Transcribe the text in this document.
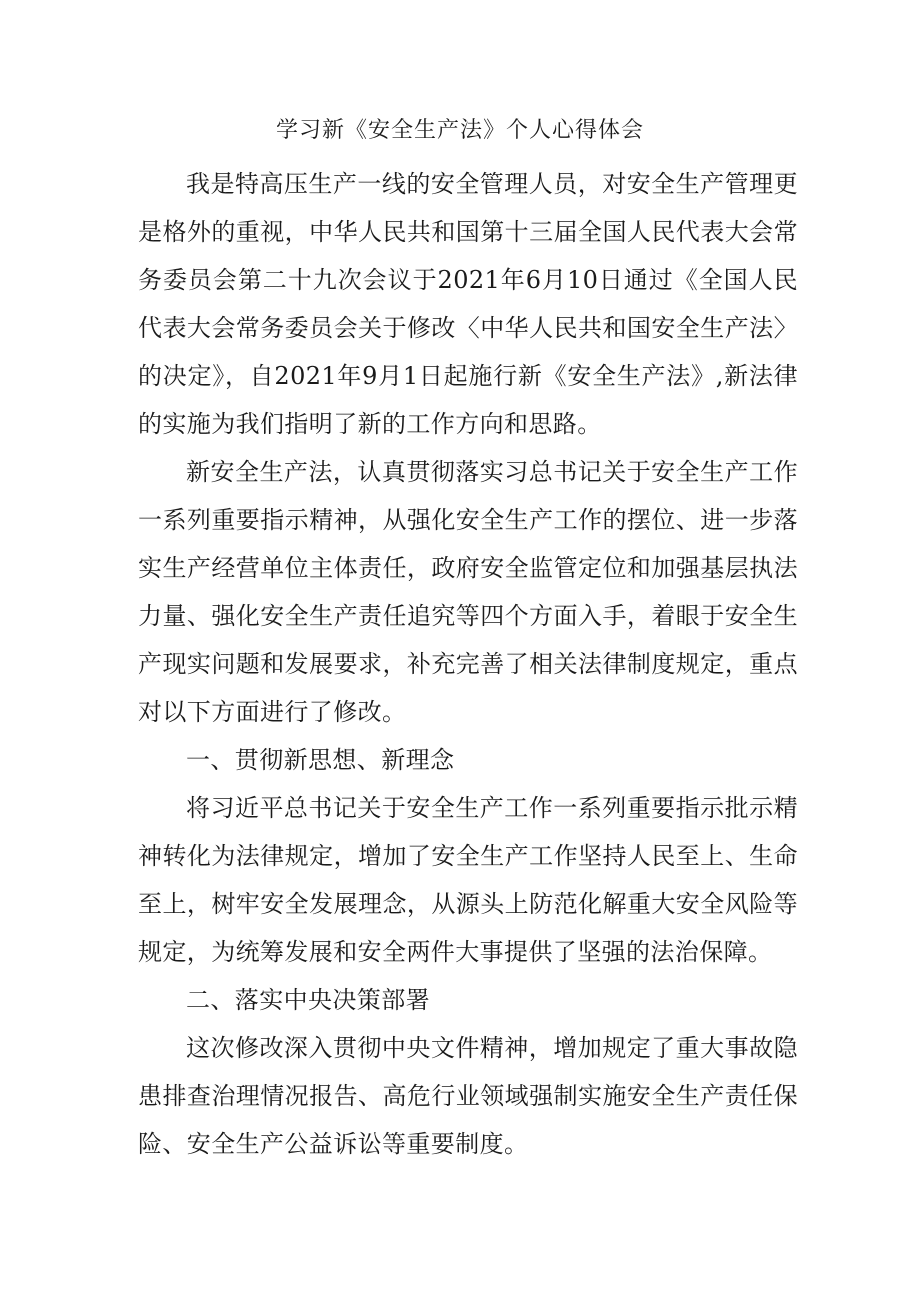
学习新《安全生产法》个人心得体会

我是特高压生产一线的安全管理人员，对安全生产管理更是格外的重视，中华人民共和国第十三届全国人民代表大会常务委员会第二十九次会议于2021年6月10日通过《全国人民代表大会常务委员会关于修改〈中华人民共和国安全生产法〉的决定》，自2021年9月1日起施行新《安全生产法》,新法律的实施为我们指明了新的工作方向和思路。

新安全生产法，认真贯彻落实习总书记关于安全生产工作一系列重要指示精神，从强化安全生产工作的摆位、进一步落实生产经营单位主体责任，政府安全监管定位和加强基层执法力量、强化安全生产责任追究等四个方面入手，着眼于安全生产现实问题和发展要求，补充完善了相关法律制度规定，重点对以下方面进行了修改。

一、贯彻新思想、新理念

将习近平总书记关于安全生产工作一系列重要指示批示精神转化为法律规定，增加了安全生产工作坚持人民至上、生命至上，树牢安全发展理念，从源头上防范化解重大安全风险等规定，为统筹发展和安全两件大事提供了坚强的法治保障。

二、落实中央决策部署

这次修改深入贯彻中央文件精神，增加规定了重大事故隐患排查治理情况报告、高危行业领域强制实施安全生产责任保险、安全生产公益诉讼等重要制度。
